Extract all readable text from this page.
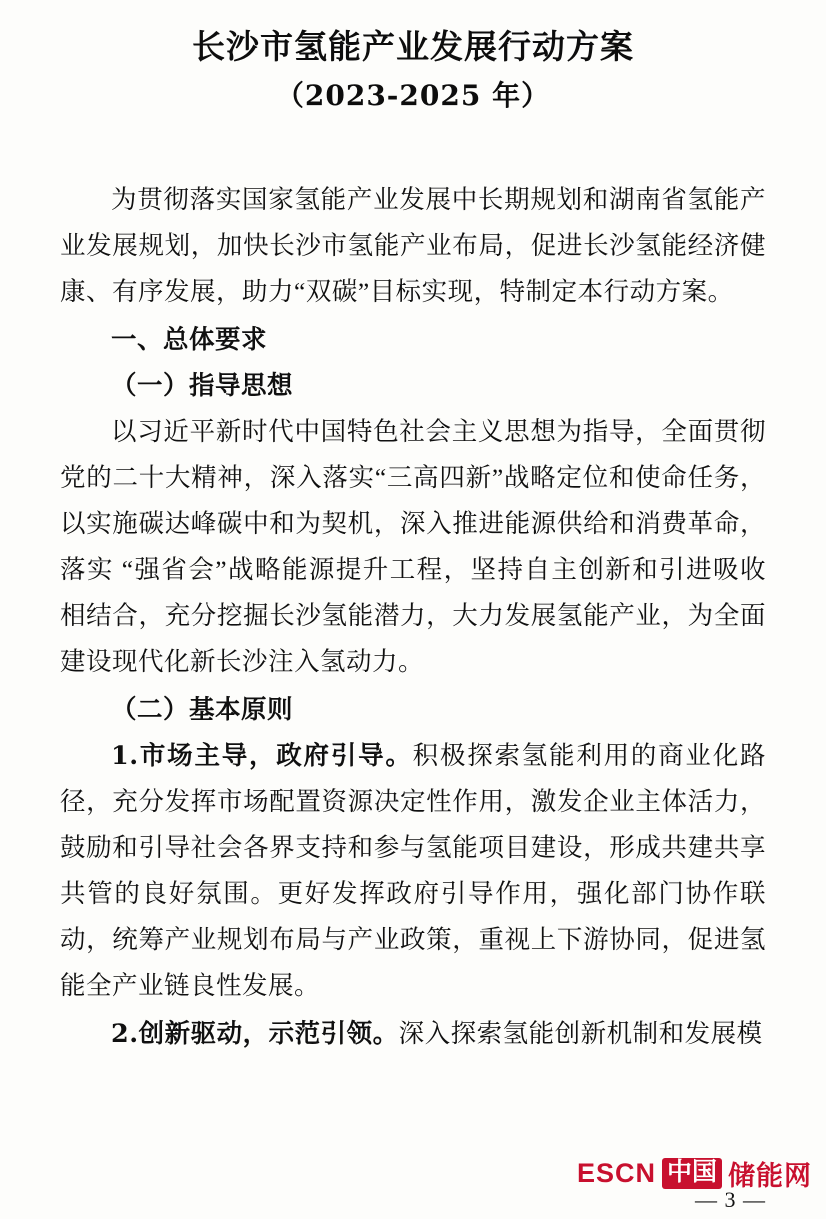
长沙市氢能产业发展行动方案
（2023-2025 年）

为贯彻落实国家氢能产业发展中长期规划和湖南省氢能产业发展规划，加快长沙市氢能产业布局，促进长沙氢能经济健康、有序发展，助力“双碳”目标实现，特制定本行动方案。

一、总体要求

（一）指导思想

以习近平新时代中国特色社会主义思想为指导，全面贯彻党的二十大精神，深入落实“三高四新”战略定位和使命任务，以实施碳达峰碳中和为契机，深入推进能源供给和消费革命，落实 “强省会”战略能源提升工程，坚持自主创新和引进吸收相结合，充分挖掘长沙氢能潜力，大力发展氢能产业，为全面建设现代化新长沙注入氢动力。

（二）基本原则

1.市场主导，政府引导。积极探索氢能利用的商业化路径，充分发挥市场配置资源决定性作用，激发企业主体活力，鼓励和引导社会各界支持和参与氢能项目建设，形成共建共享共管的良好氛围。更好发挥政府引导作用，强化部门协作联动，统筹产业规划布局与产业政策，重视上下游协同，促进氢能全产业链良性发展。

2.创新驱动，示范引领。深入探索氢能创新机制和发展模

ESCN 中国 储能网
— 3 —
